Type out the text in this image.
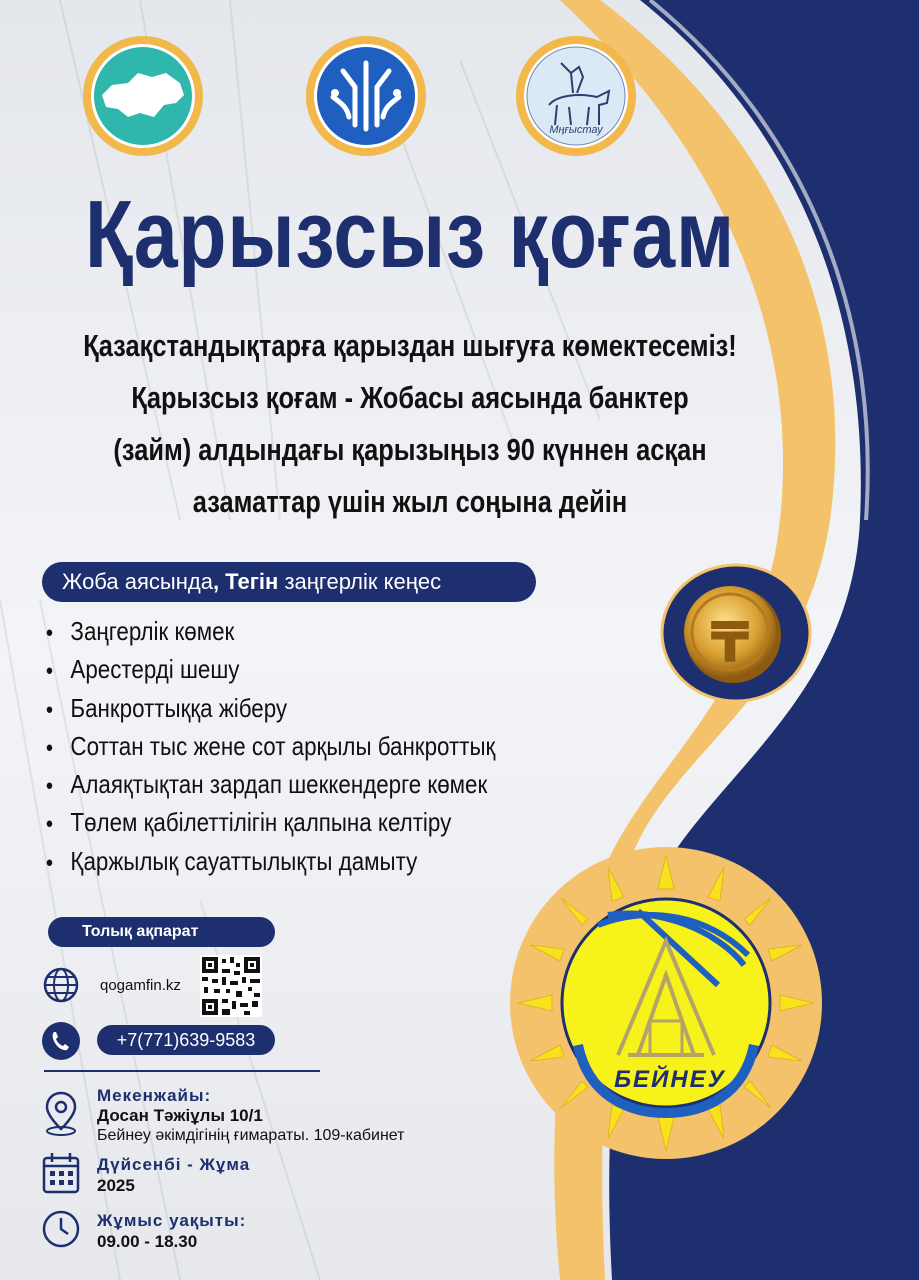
Мӊғыстау
Қарызсыз қоғам
Қазақстандықтарға қарыздан шығуға көмектесеміз!
Қарызсыз қоғам - Жобасы аясында банктер
(займ) алдындағы қарызыңыз 90 күннен асқан
азаматтар үшін жыл соңына дейін
Жоба аясында, Тегін заңгерлік кеңес
● Заңгерлік көмек
● Арестерді шешу
● Банкроттыққа жіберу
● Соттан тыс жене сот арқылы банкроттық
● Алаяқтықтан зардап шеккендерге көмек
● Төлем қабілеттілігін қалпына келтіру
● Қаржылық сауаттылықты дамыту
₸
БЕЙНЕУ
Толық ақпарат
qogamfin.kz
+7(771)639-9583
Мекенжайы:
Досан Тәжіұлы 10/1
Бейнеу әкімдігінің ғимараты. 109-кабинет
Дүйсенбі - Жұма
2025
Жұмыс уақыты:
09.00 - 18.30
